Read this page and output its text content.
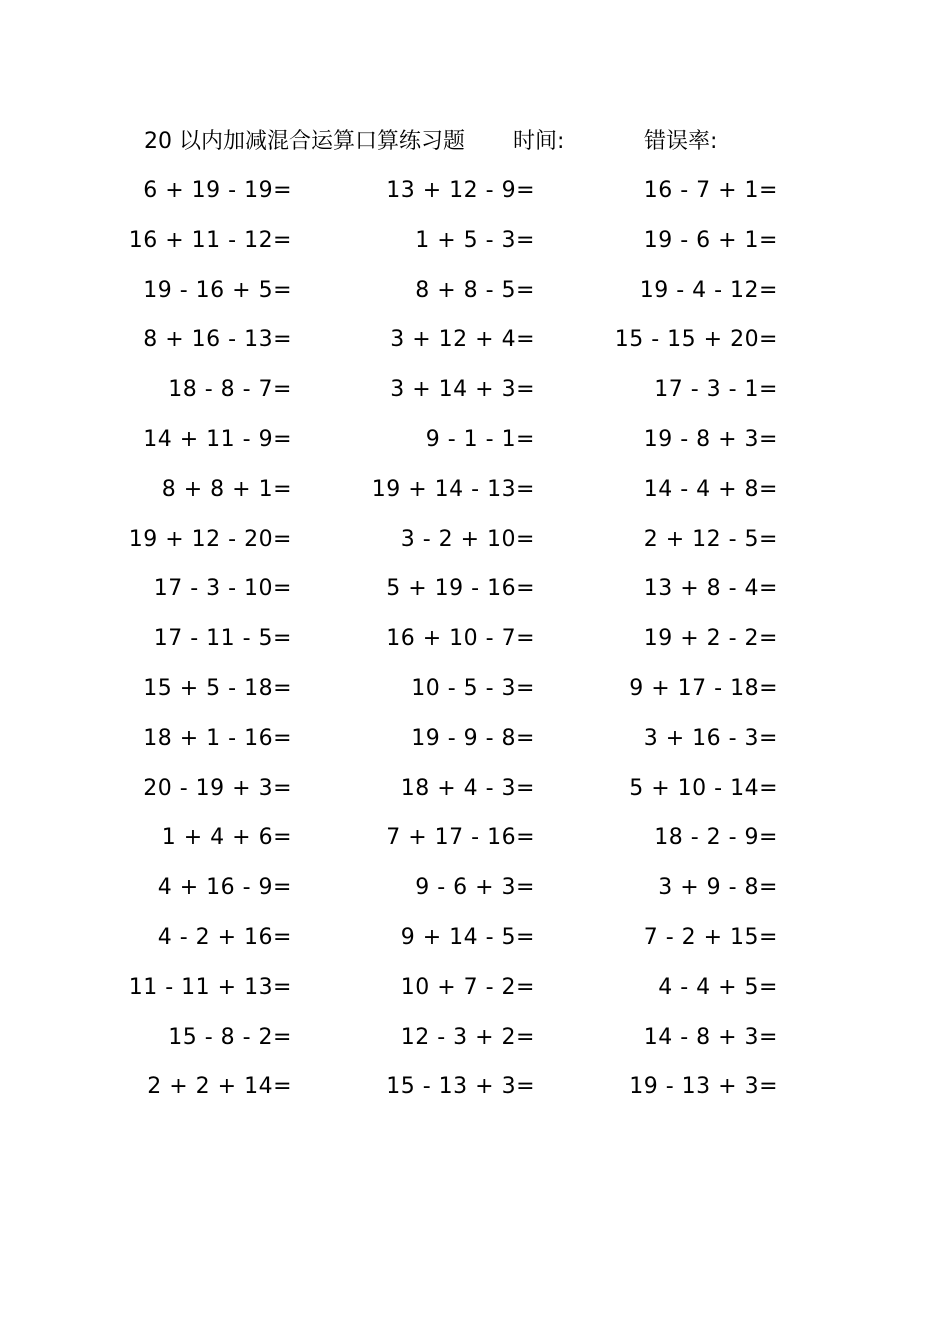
20 以内加减混合运算口算练习题 时间:	错误率:
6 + 19 - 19=	13 + 12 - 9=	16 - 7 + 1=
16 + 11 - 12=	1 + 5 - 3=	19 - 6 + 1=
19 - 16 + 5=	8 + 8 - 5=	19 - 4 - 12=
8 + 16 - 13=	3 + 12 + 4=	15 - 15 + 20=
18 - 8 - 7=	3 + 14 + 3=	17 - 3 - 1=
14 + 11 - 9=	9 - 1 - 1=	19 - 8 + 3=
8 + 8 + 1=	19 + 14 - 13=	14 - 4 + 8=
19 + 12 - 20=	3 - 2 + 10=	2 + 12 - 5=
17 - 3 - 10=	5 + 19 - 16=	13 + 8 - 4=
17 - 11 - 5=	16 + 10 - 7=	19 + 2 - 2=
15 + 5 - 18=	10 - 5 - 3=	9 + 17 - 18=
18 + 1 - 16=	19 - 9 - 8=	3 + 16 - 3=
20 - 19 + 3=	18 + 4 - 3=	5 + 10 - 14=
1 + 4 + 6=	7 + 17 - 16=	18 - 2 - 9=
4 + 16 - 9=	9 - 6 + 3=	3 + 9 - 8=
4 - 2 + 16=	9 + 14 - 5=	7 - 2 + 15=
11 - 11 + 13=	10 + 7 - 2=	4 - 4 + 5=
15 - 8 - 2=	12 - 3 + 2=	14 - 8 + 3=
2 + 2 + 14=	15 - 13 + 3=	19 - 13 + 3=
